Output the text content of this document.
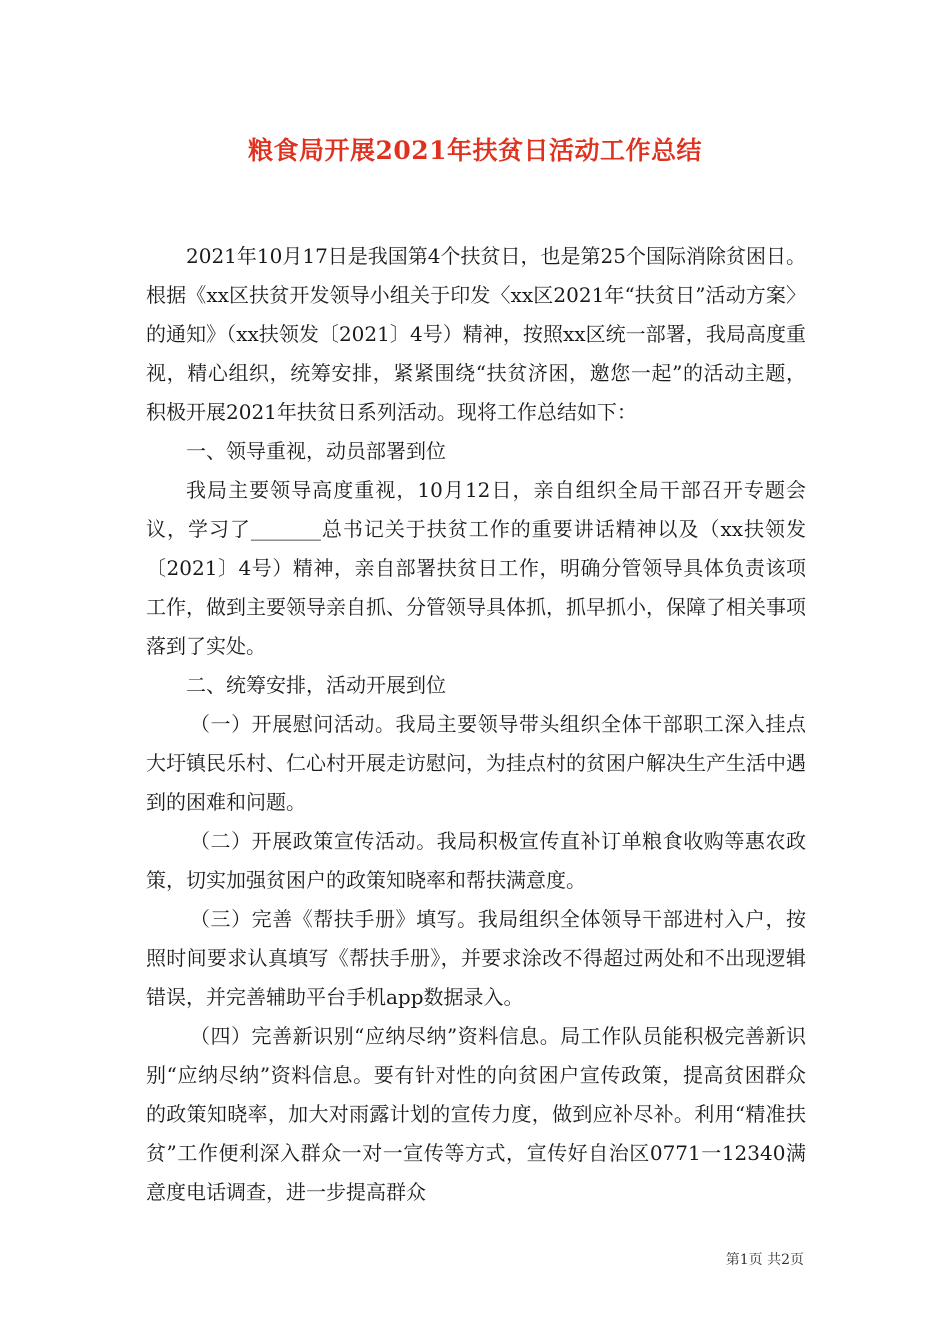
粮食局开展2021年扶贫日活动工作总结

2021年10月17日是我国第4个扶贫日，也是第25个国际消除贫困日。根据《xx区扶贫开发领导小组关于印发〈xx区2021年“扶贫日”活动方案〉的通知》（xx扶领发〔2021〕4号）精神，按照xx区统一部署，我局高度重视，精心组织，统筹安排，紧紧围绕“扶贫济困，邀您一起”的活动主题，积极开展2021年扶贫日系列活动。现将工作总结如下：

一、领导重视，动员部署到位

我局主要领导高度重视，10月12日，亲自组织全局干部召开专题会议，学习了_______总书记关于扶贫工作的重要讲话精神以及（xx扶领发〔2021〕4号）精神，亲自部署扶贫日工作，明确分管领导具体负责该项工作，做到主要领导亲自抓、分管领导具体抓，抓早抓小，保障了相关事项落到了实处。

二、统筹安排，活动开展到位

（一）开展慰问活动。我局主要领导带头组织全体干部职工深入挂点大圩镇民乐村、仁心村开展走访慰问，为挂点村的贫困户解决生产生活中遇到的困难和问题。

（二）开展政策宣传活动。我局积极宣传直补订单粮食收购等惠农政策，切实加强贫困户的政策知晓率和帮扶满意度。

（三）完善《帮扶手册》填写。我局组织全体领导干部进村入户，按照时间要求认真填写《帮扶手册》，并要求涂改不得超过两处和不出现逻辑错误，并完善辅助平台手机app数据录入。

（四）完善新识别“应纳尽纳”资料信息。局工作队员能积极完善新识别“应纳尽纳”资料信息。要有针对性的向贫困户宣传政策，提高贫困群众的政策知晓率，加大对雨露计划的宣传力度，做到应补尽补。利用“精准扶贫”工作便利深入群众一对一宣传等方式，宣传好自治区0771一12340满意度电话调查，进一步提高群众

第1页 共2页
